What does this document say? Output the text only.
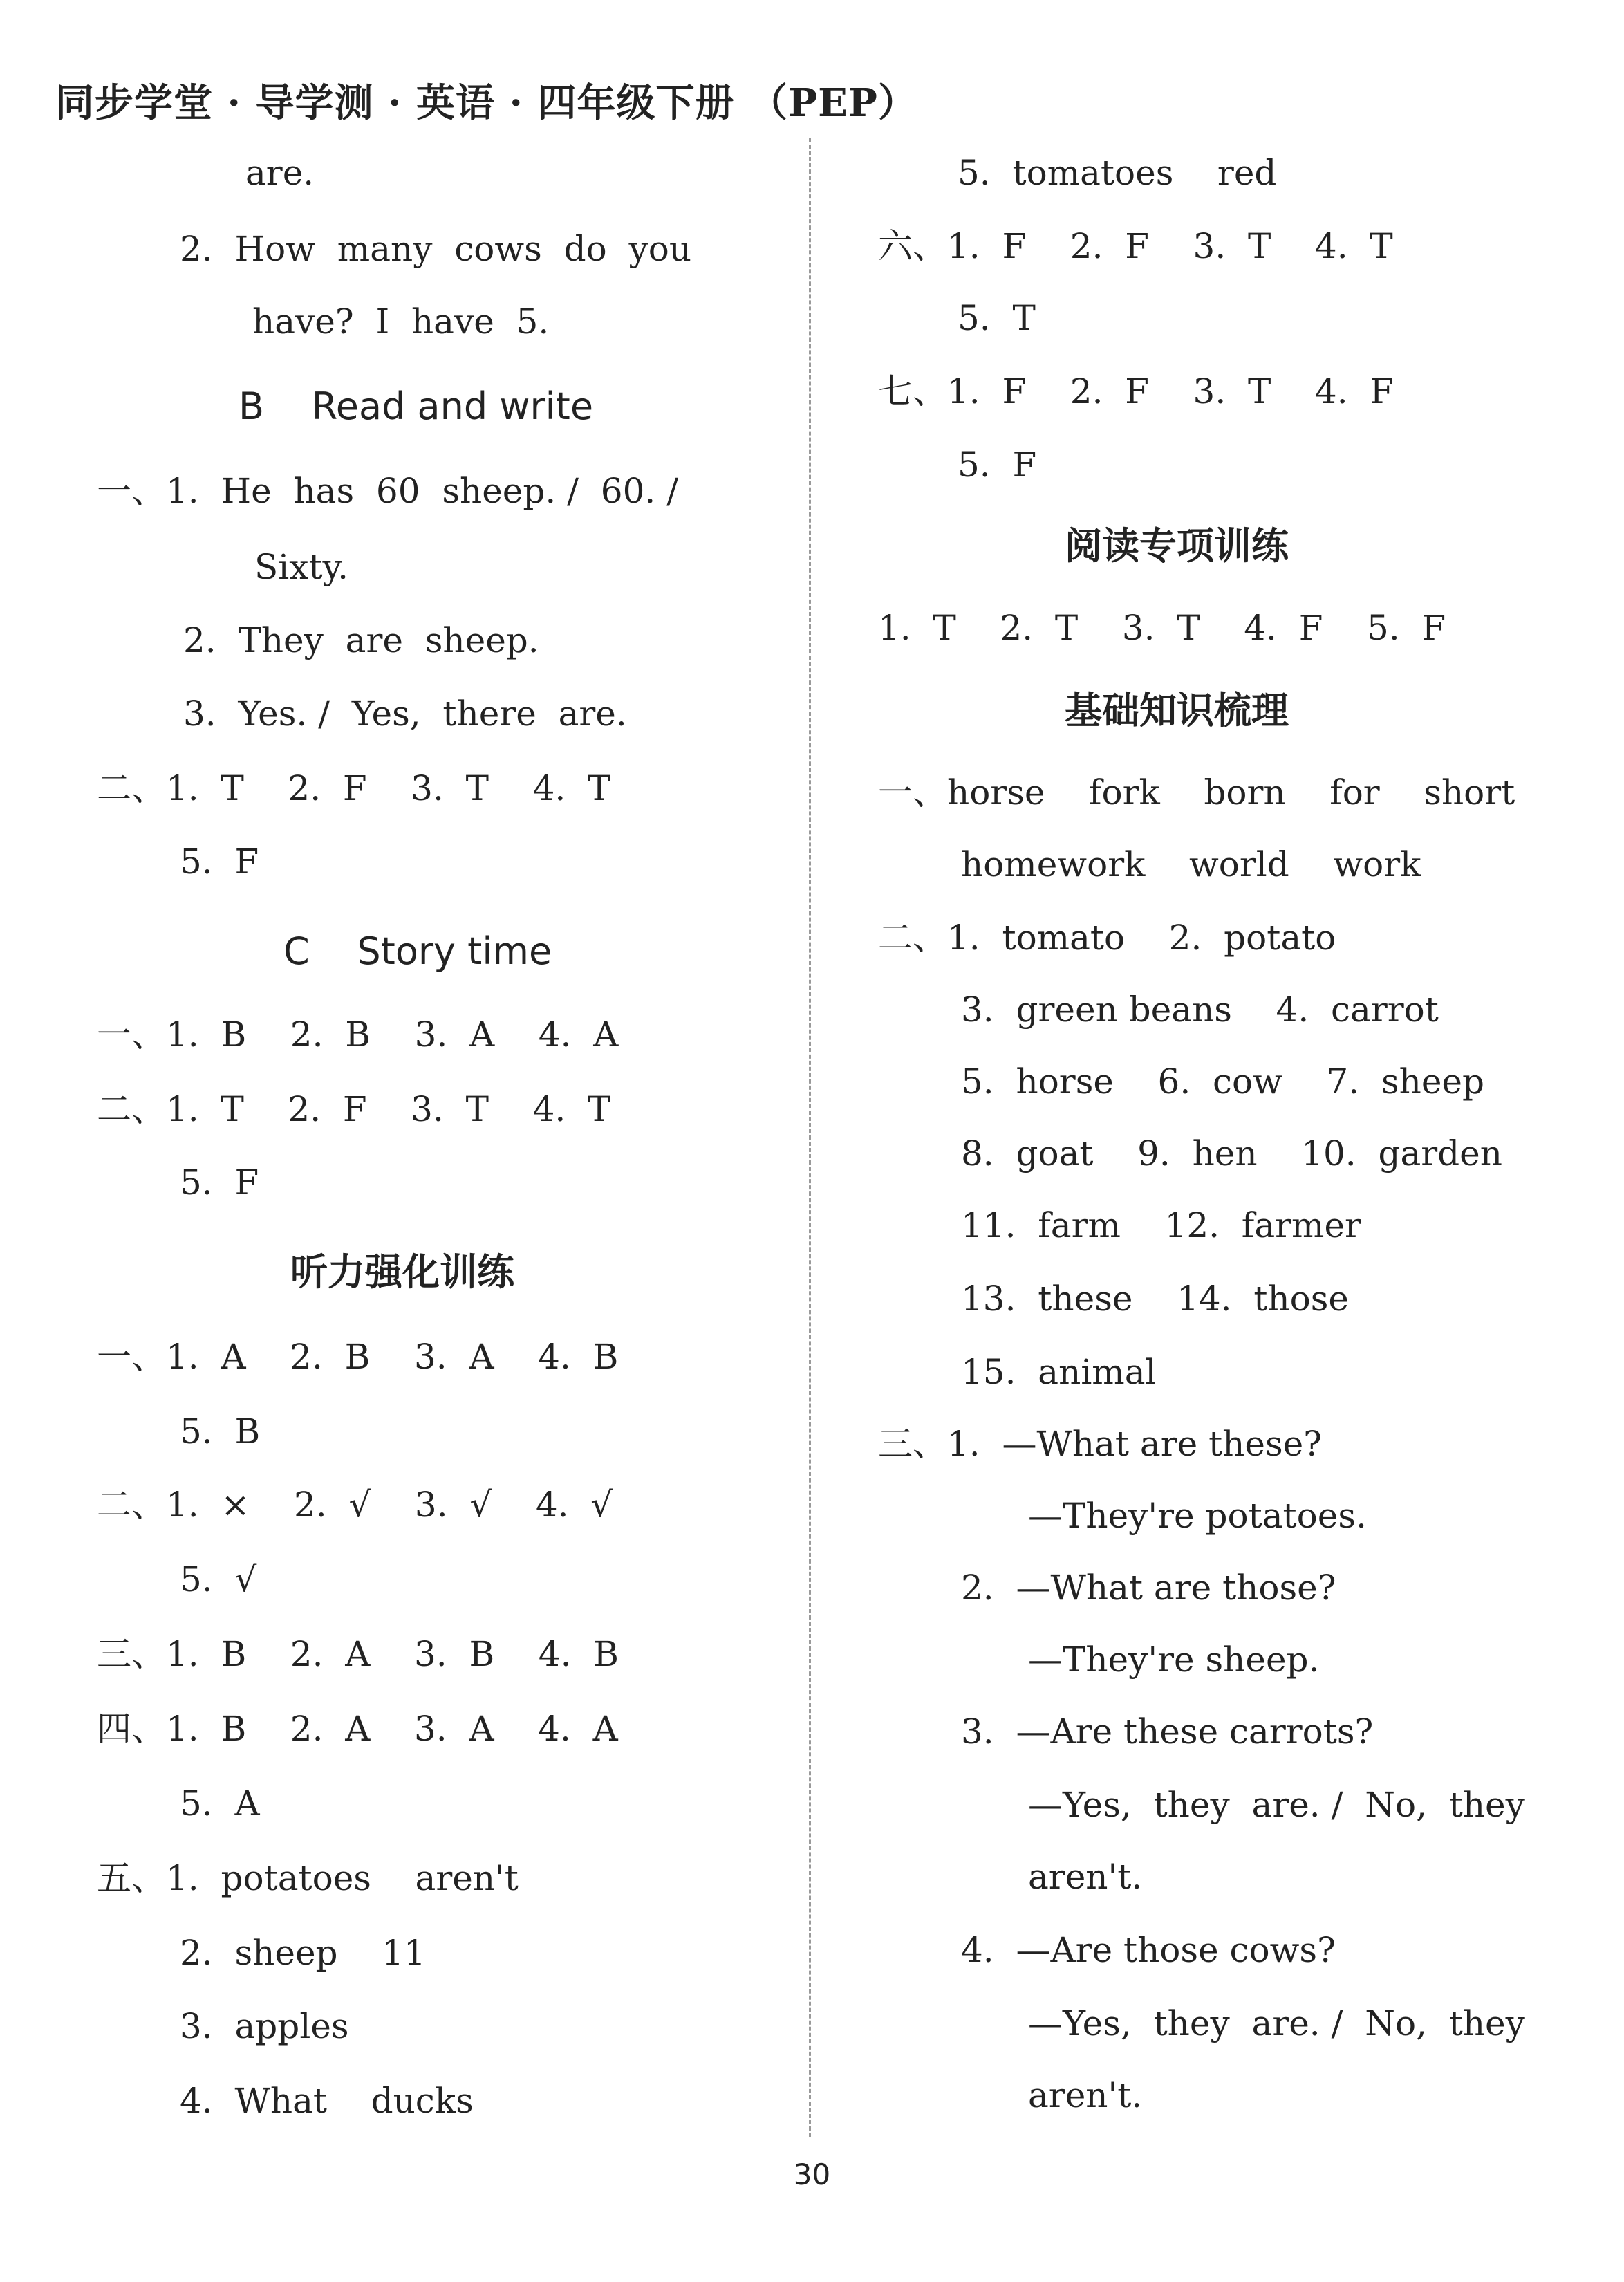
同步学堂 · 导学测 · 英语 · 四年级下册 （PEP）
are.
2.  How  many  cows  do  you
have?  I  have  5.
B    Read and write
一、1.  He  has  60  sheep. /  60. /
Sixty.
2.  They  are  sheep.
3.  Yes. /  Yes,  there  are.
二、1.  T    2.  F    3.  T    4.  T
5.  F
C    Story time
一、1.  B    2.  B    3.  A    4.  A
二、1.  T    2.  F    3.  T    4.  T
5.  F
听力强化训练
一、1.  A    2.  B    3.  A    4.  B
5.  B
二、1.  ×    2.  √    3.  √    4.  √
5.  √
三、1.  B    2.  A    3.  B    4.  B
四、1.  B    2.  A    3.  A    4.  A
5.  A
五、1.  potatoes    aren't
2.  sheep    11
3.  apples
4.  What    ducks
5.  tomatoes    red
六、1.  F    2.  F    3.  T    4.  T
5.  T
七、1.  F    2.  F    3.  T    4.  F
5.  F
阅读专项训练
1.  T    2.  T    3.  T    4.  F    5.  F
基础知识梳理
一、horse    fork    born    for    short
homework    world    work
二、1.  tomato    2.  potato
3.  green beans    4.  carrot
5.  horse    6.  cow    7.  sheep
8.  goat    9.  hen    10.  garden
11.  farm    12.  farmer
13.  these    14.  those
15.  animal
三、1.  —What are these?
—They're potatoes.
2.  —What are those?
—They're sheep.
3.  —Are these carrots?
—Yes,  they  are. /  No,  they
aren't.
4.  —Are those cows?
—Yes,  they  are. /  No,  they
aren't.
30
